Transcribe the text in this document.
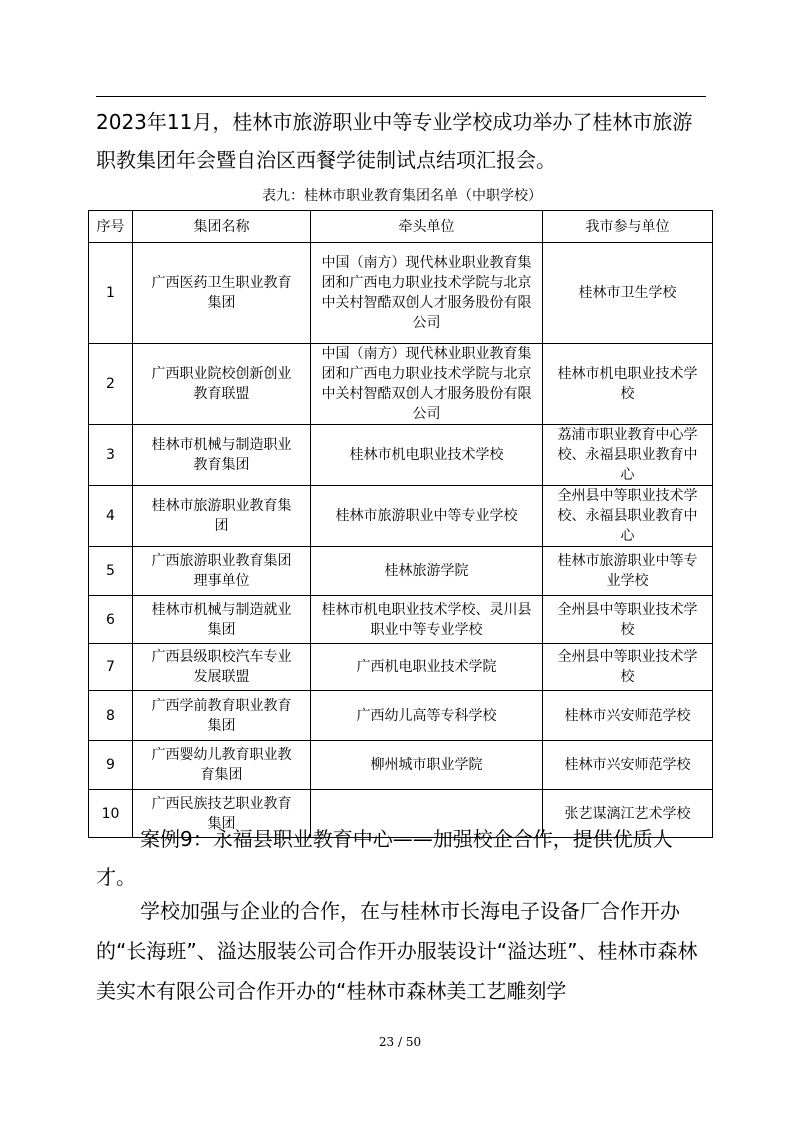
2023年11月，桂林市旅游职业中等专业学校成功举办了桂林市旅游职教集团年会暨自治区西餐学徒制试点结项汇报会。

表九：桂林市职业教育集团名单（中职学校）
序号	集团名称	牵头单位	我市参与单位
1	广西医药卫生职业教育集团	中国（南方）现代林业职业教育集团和广西电力职业技术学院与北京中关村智酷双创人才服务股份有限公司	桂林市卫生学校
2	广西职业院校创新创业教育联盟	中国（南方）现代林业职业教育集团和广西电力职业技术学院与北京中关村智酷双创人才服务股份有限公司	桂林市机电职业技术学校
3	桂林市机械与制造职业教育集团	桂林市机电职业技术学校	荔浦市职业教育中心学校、永福县职业教育中心
4	桂林市旅游职业教育集团	桂林市旅游职业中等专业学校	全州县中等职业技术学校、永福县职业教育中心
5	广西旅游职业教育集团理事单位	桂林旅游学院	桂林市旅游职业中等专业学校
6	桂林市机械与制造就业集团	桂林市机电职业技术学校、灵川县职业中等专业学校	全州县中等职业技术学校
7	广西县级职校汽车专业发展联盟	广西机电职业技术学院	全州县中等职业技术学校
8	广西学前教育职业教育集团	广西幼儿高等专科学校	桂林市兴安师范学校
9	广西婴幼儿教育职业教育集团	柳州城市职业学院	桂林市兴安师范学校
10	广西民族技艺职业教育集团		张艺谋漓江艺术学校

案例9：永福县职业教育中心——加强校企合作，提供优质人才。

学校加强与企业的合作，在与桂林市长海电子设备厂合作开办的“长海班”、溢达服装公司合作开办服装设计“溢达班”、桂林市森林美实木有限公司合作开办的“桂林市森林美工艺雕刻学

23 / 50
